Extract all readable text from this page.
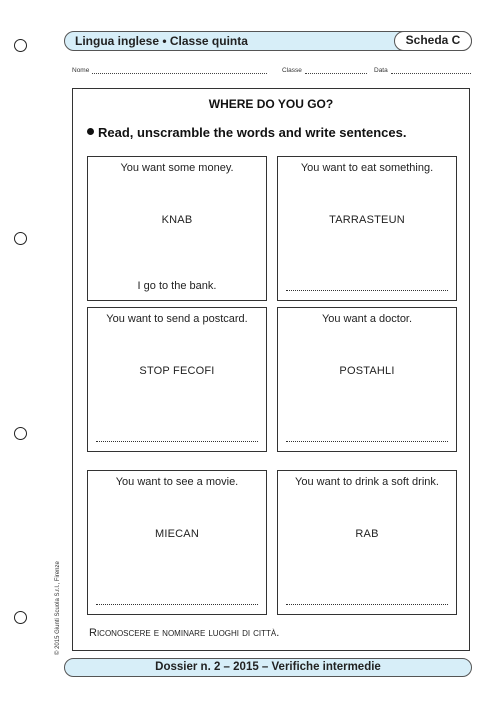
Lingua inglese • Classe quinta	Scheda C
Nome	Classe	Data
WHERE DO YOU GO?
Read, unscramble the words and write sentences.
You want some money.
KNAB
I go to the bank.
You want to eat something.
TARRASTEUN
You want to send a postcard.
STOP FECOFI
You want a doctor.
POSTAHLI
You want to see a movie.
MIECAN
You want to drink a soft drink.
RAB
Riconoscere e nominare luoghi di città.
© 2015 Giunti Scuola S.r.l., Firenze
Dossier n. 2 – 2015 – Verifiche intermedie
